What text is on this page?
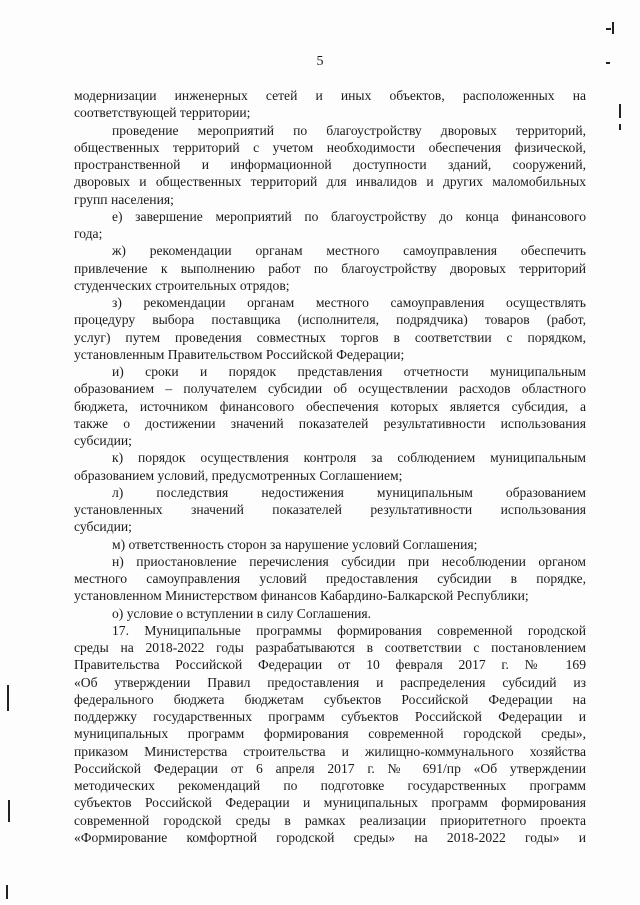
5
модернизации инженерных сетей и иных объектов, расположенных на
соответствующей территории;
проведение мероприятий по благоустройству дворовых территорий,
общественных территорий с учетом необходимости обеспечения физической,
пространственной и информационной доступности зданий, сооружений,
дворовых и общественных территорий для инвалидов и других маломобильных
групп населения;
е) завершение мероприятий по благоустройству до конца финансового
года;
ж) рекомендации органам местного самоуправления обеспечить
привлечение к выполнению работ по благоустройству дворовых территорий
студенческих строительных отрядов;
з) рекомендации органам местного самоуправления осуществлять
процедуру выбора поставщика (исполнителя, подрядчика) товаров (работ,
услуг) путем проведения совместных торгов в соответствии с порядком,
установленным Правительством Российской Федерации;
и) сроки и порядок представления отчетности муниципальным
образованием – получателем субсидии об осуществлении расходов областного
бюджета, источником финансового обеспечения которых является субсидия, а
также о достижении значений показателей результативности использования
субсидии;
к) порядок осуществления контроля за соблюдением муниципальным
образованием условий, предусмотренных Соглашением;
л) последствия недостижения муниципальным образованием
установленных значений показателей результативности использования
субсидии;
м) ответственность сторон за нарушение условий Соглашения;
н) приостановление перечисления субсидии при несоблюдении органом
местного самоуправления условий предоставления субсидии в порядке,
установленном Министерством финансов Кабардино-Балкарской Республики;
о) условие о вступлении в силу Соглашения.
17. Муниципальные программы формирования современной городской
среды на 2018-2022 годы разрабатываются в соответствии с постановлением
Правительства Российской Федерации от 10 февраля 2017 г. № 169
«Об утверждении Правил предоставления и распределения субсидий из
федерального бюджета бюджетам субъектов Российской Федерации на
поддержку государственных программ субъектов Российской Федерации и
муниципальных программ формирования современной городской среды»,
приказом Министерства строительства и жилищно-коммунального хозяйства
Российской Федерации от 6 апреля 2017 г. № 691/пр «Об утверждении
методических рекомендаций по подготовке государственных программ
субъектов Российской Федерации и муниципальных программ формирования
современной городской среды в рамках реализации приоритетного проекта
«Формирование комфортной городской среды» на 2018-2022 годы» и
